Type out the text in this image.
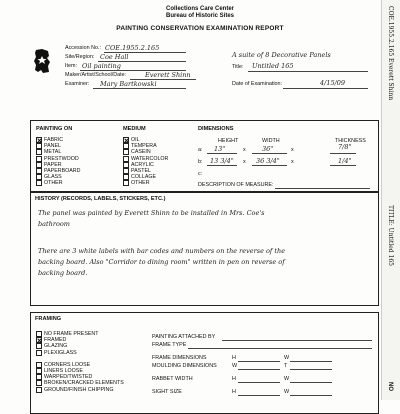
Collections Care Center
Bureau of Historic Sites
PAINTING CONSERVATION EXAMINATION REPORT
Accession No.: COE.1955.2.165
Site/Region: Coe Hall
Item: Oil painting
Maker/Artist/School/Date:	Everett Shinn
Examiner: Mary Bartkowski
A suite of 8 Decorative Panels
Title: Untitled 165
Date of Examination:	4/15/09
PAINTING ON
FABRIC
PANEL
METAL
PRESTWOOD
PAPER
PAPERBOARD
GLASS
OTHER
MEDIUM
OIL
TEMPERA
CASEIN
WATERCOLOR
ACRYLIC
PASTEL
COLLAGE
OTHER
DIMENSIONS
HEIGHT	WIDTH	THICKNESS
a: 13"	x	36"	x	7/8"
b: 13 3/4" x 36 3/4" x	1/4"
c:
DESCRIPTION OF MEASURE:
HISTORY (RECORDS, LABELS, STICKERS, ETC.)
The panel was painted by Everett Shinn to be installed in Mrs. Coe's
bathroom
There are 3 white labels with bar codes and numbers on the reverse of the
backing board. Also "Corridor to dining room" written in pen on reverse of
backing board.
FRAMING
NO FRAME PRESENT
FRAMED
GLAZING
PLEXIGLASS
CORNERS LOOSE
LINERS LOOSE
WARPED/TWISTED
BROKEN/CRACKED ELEMENTS
GROUND/FINISH CHIPPING
PAINTING ATTACHED BY
FRAME TYPE
FRAME DIMENSIONS	H	W
MOULDING DIMENSIONS	W	T
RABBET WIDTH	H	W
SIGHT SIZE	H	W
COE.1955.2.165 Everett Shinn
TITLE: Untitled 165
NO
